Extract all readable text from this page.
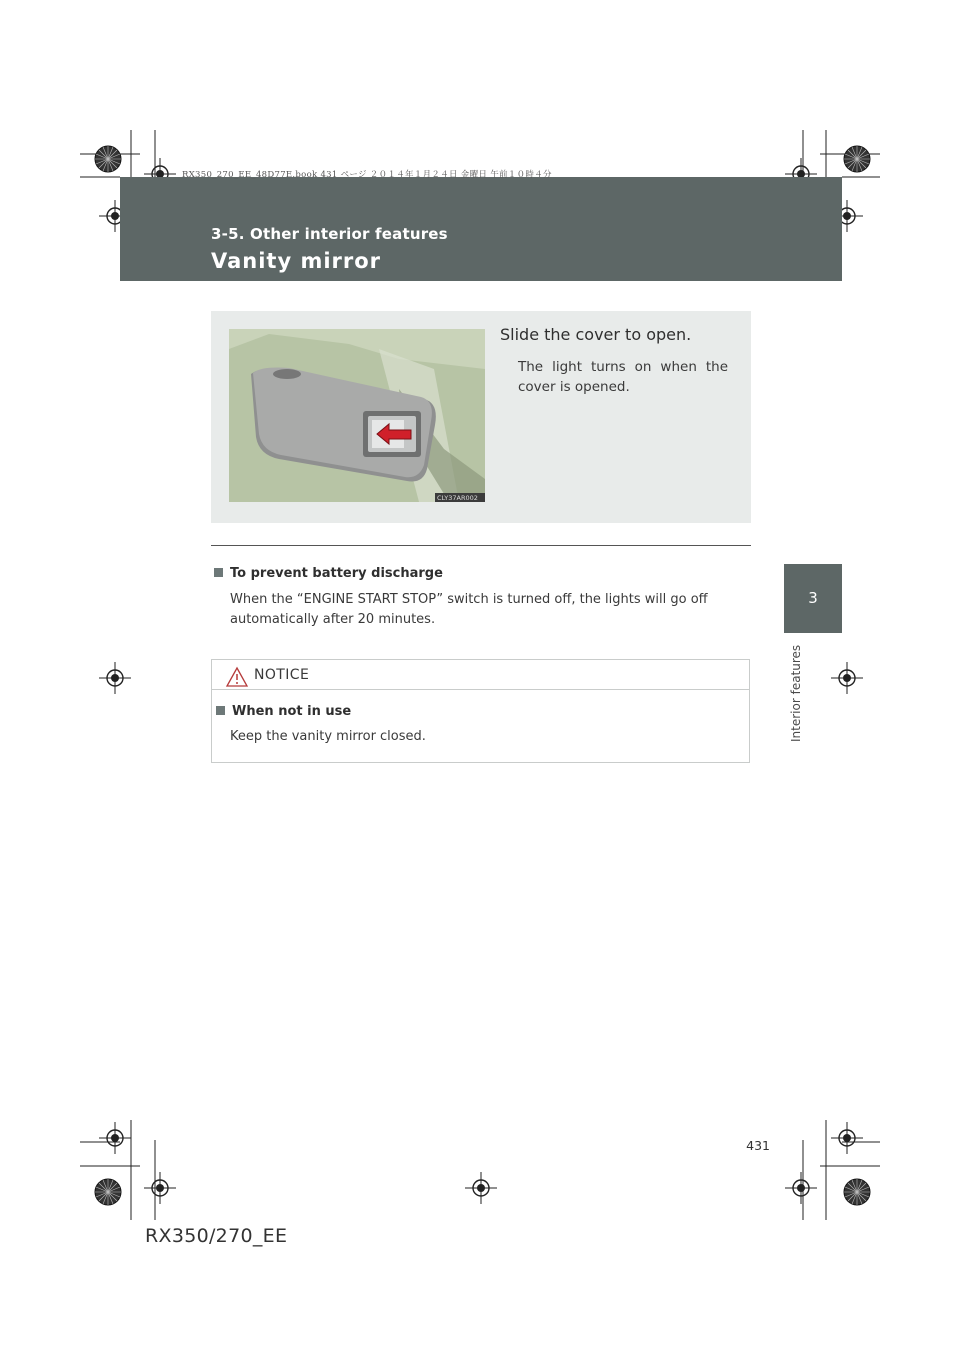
RX350_270_EE_48D77E.book 431 ページ ２０１４年１月２４日 金曜日 午前１０時４分
3-5. Other interior features
Vanity mirror
3
Interior features
CLY37AR002
Slide the cover to open.
The light turns on when the cover is opened.
To prevent battery discharge
When the “ENGINE START STOP” switch is turned off, the lights will go off automatically after 20 minutes.
NOTICE
When not in use
Keep the vanity mirror closed.
431
RX350/270_EE
